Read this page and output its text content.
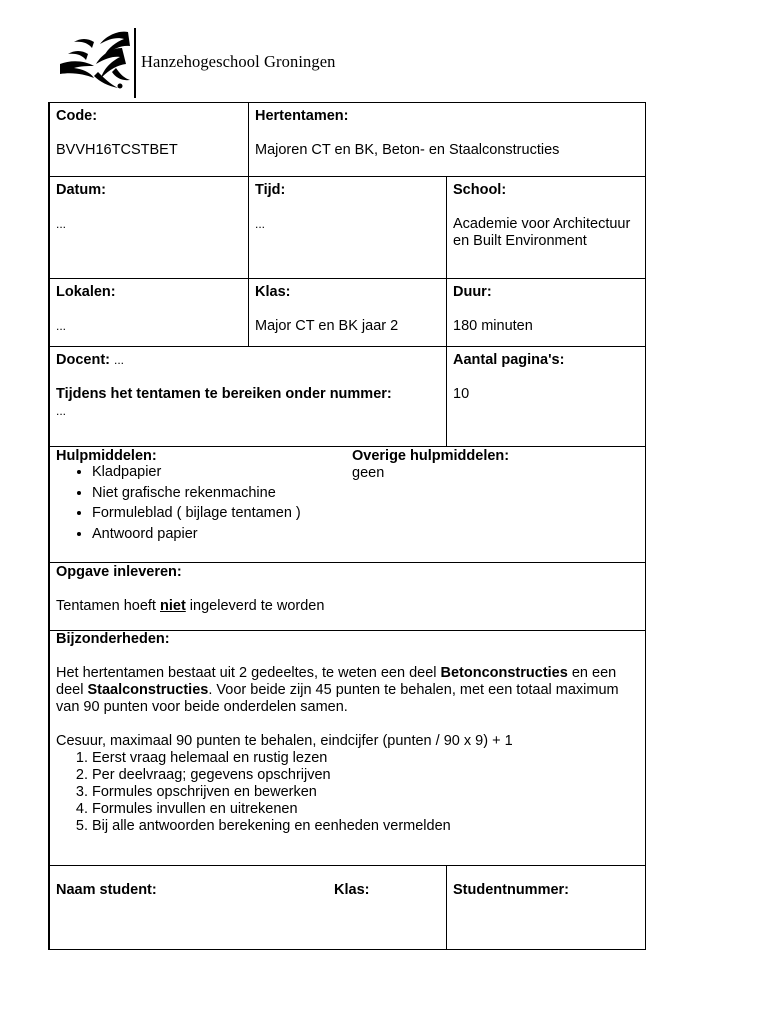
Hanzehogeschool Groningen
Code:
BVVH16TCSTBET
Hertentamen:
Majoren CT en BK, Beton- en Staalconstructies
Datum:
...
Tijd:
...
School:
Academie voor Architectuur
en Built Environment
Lokalen:
...
Klas:
Major CT en BK jaar 2
Duur:
180 minuten
Docent: ...
Tijdens het tentamen te bereiken onder nummer:
...
Aantal pagina's:
10
Hulpmiddelen:
• Kladpapier
• Niet grafische rekenmachine
• Formuleblad ( bijlage tentamen )
• Antwoord papier
Overige hulpmiddelen:
geen
Opgave inleveren:
Tentamen hoeft niet ingeleverd te worden
Bijzonderheden:

Het hertentamen bestaat uit 2 gedeeltes, te weten een deel Betonconstructies en een deel Staalconstructies. Voor beide zijn 45 punten te behalen, met een totaal maximum van 90 punten voor beide onderdelen samen.

Cesuur, maximaal 90 punten te behalen, eindcijfer (punten / 90 x 9) + 1

1. Eerst vraag helemaal en rustig lezen
2. Per deelvraag; gegevens opschrijven
3. Formules opschrijven en bewerken
4. Formules invullen en uitrekenen
5. Bij alle antwoorden berekening en eenheden vermelden
Naam student:	Klas:	Studentnummer:
